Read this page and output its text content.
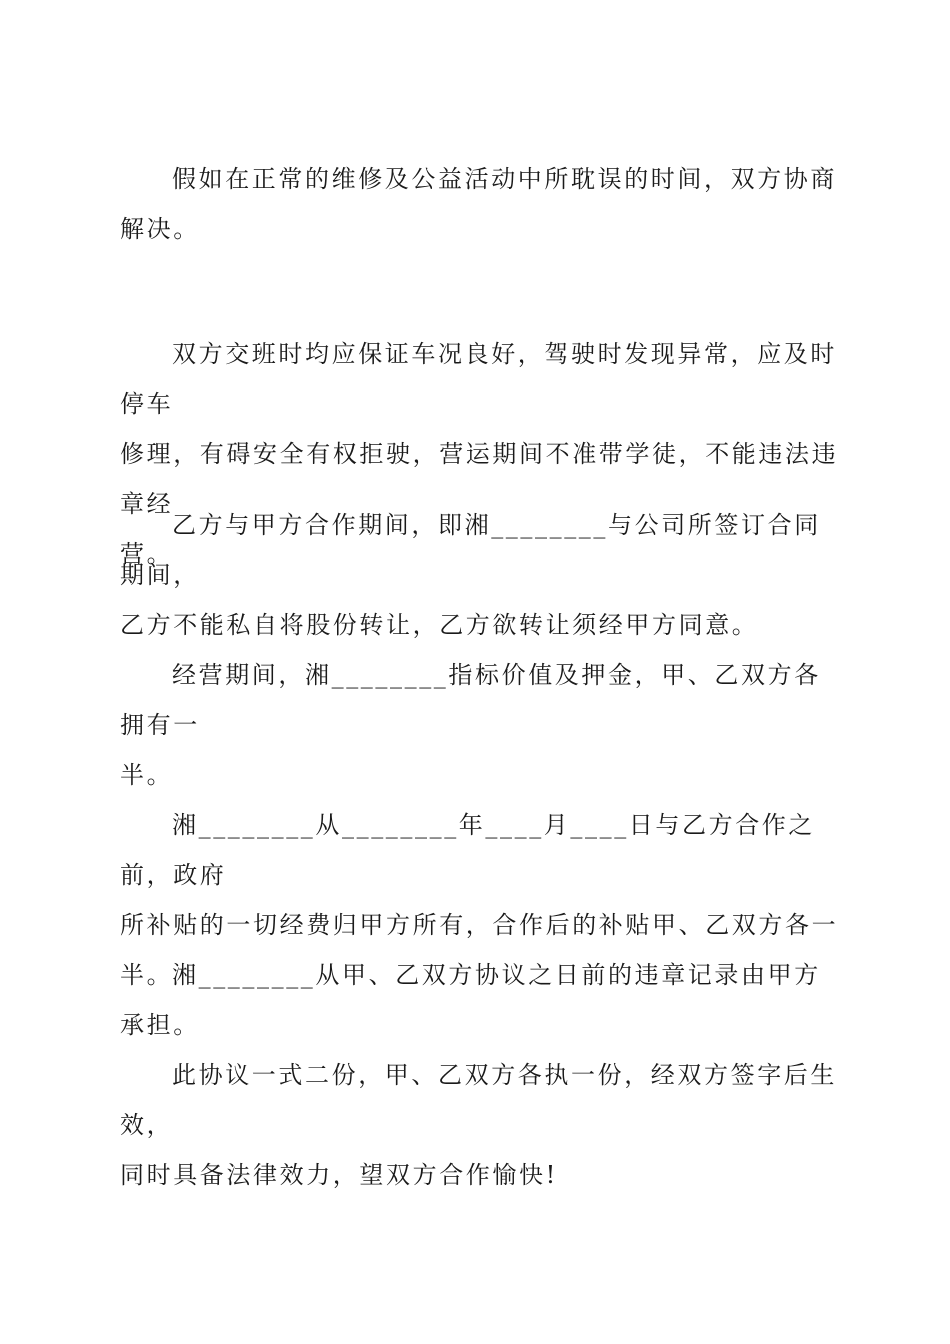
假如在正常的维修及公益活动中所耽误的时间，双方协商解决。

双方交班时均应保证车况良好，驾驶时发现异常，应及时停车
修理，有碍安全有权拒驶，营运期间不准带学徒，不能违法违章经
营。

乙方与甲方合作期间，即湘________与公司所签订合同期间，
乙方不能私自将股份转让，乙方欲转让须经甲方同意。

经营期间，湘________指标价值及押金，甲、乙双方各拥有一
半。

湘________从________年____月____日与乙方合作之前，政府
所补贴的一切经费归甲方所有，合作后的补贴甲、乙双方各一半。

湘________从甲、乙双方协议之日前的违章记录由甲方承担。

此协议一式二份，甲、乙双方各执一份，经双方签字后生效，
同时具备法律效力，望双方合作愉快!
